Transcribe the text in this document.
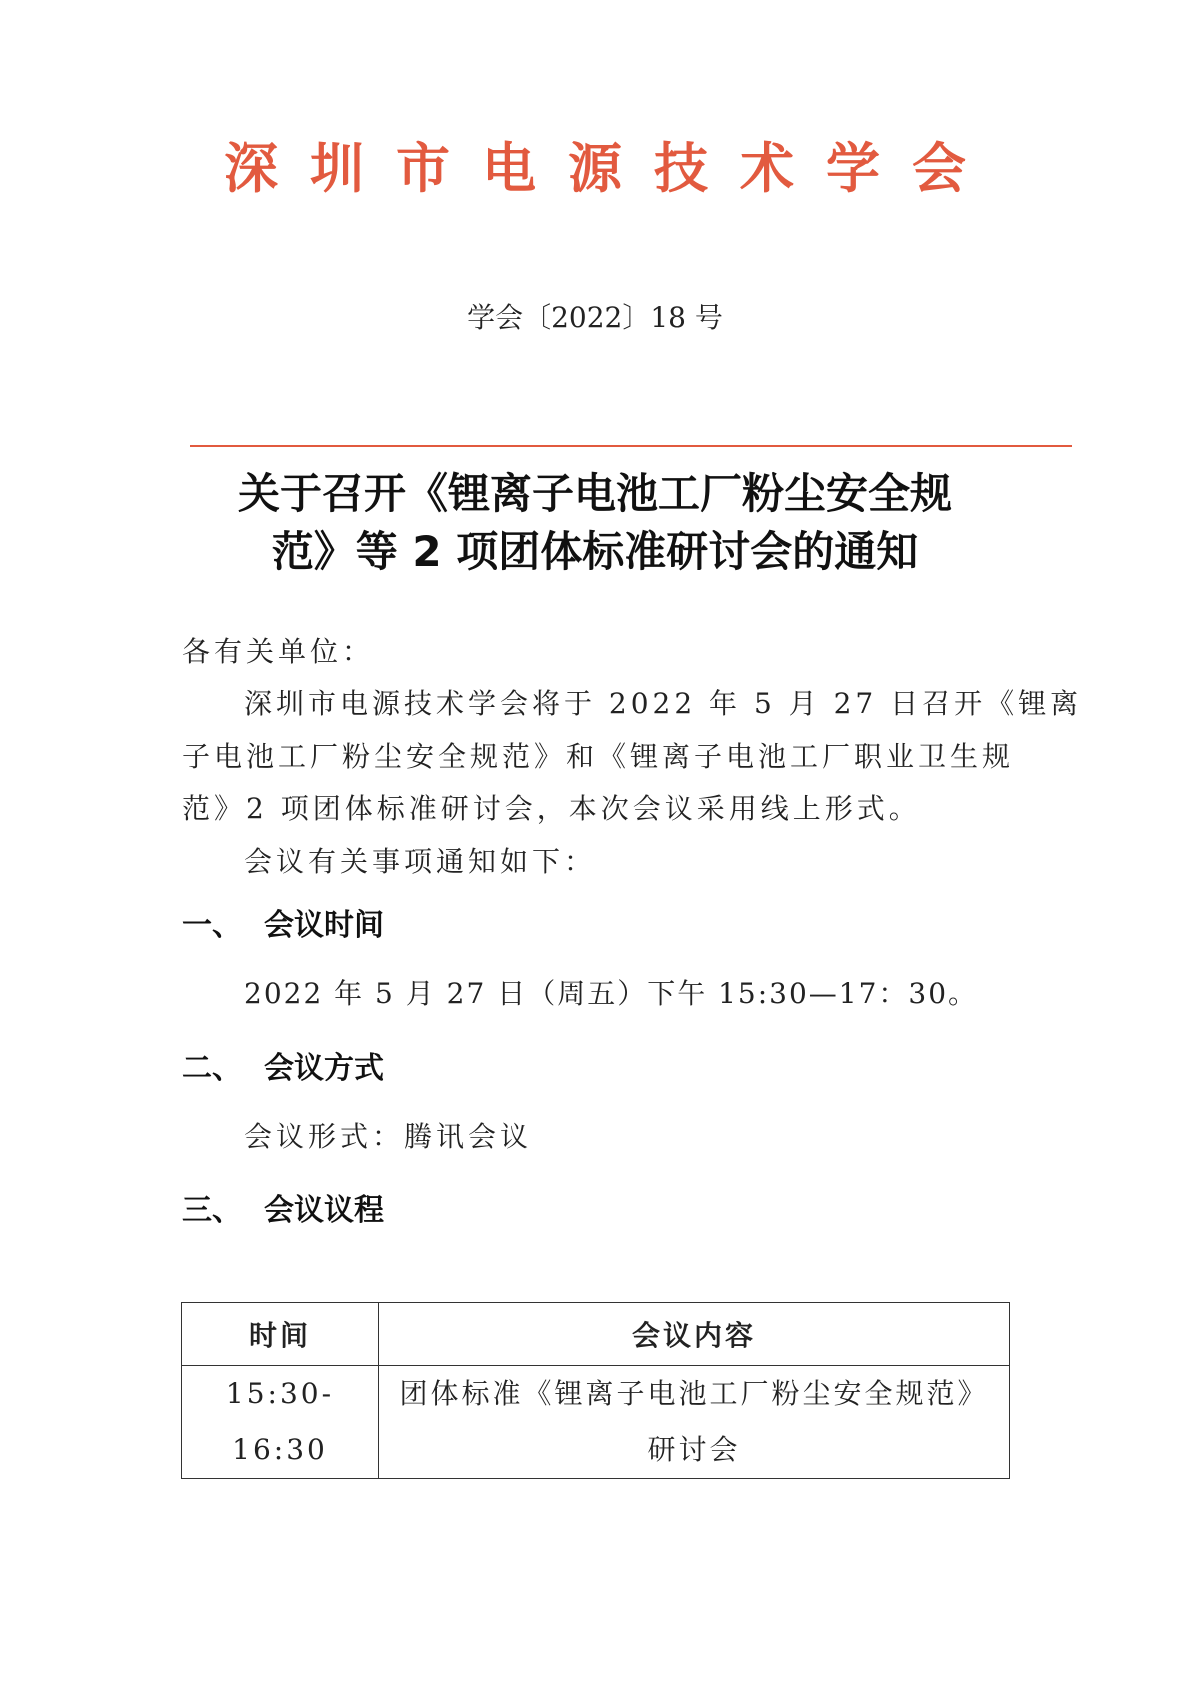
深圳市电源技术学会
学会〔2022〕18 号
关于召开《锂离子电池工厂粉尘安全规
范》等 2 项团体标准研讨会的通知
各有关单位：
深圳市电源技术学会将于 2022 年 5 月 27 日召开《锂离
子电池工厂粉尘安全规范》和《锂离子电池工厂职业卫生规
范》2 项团体标准研讨会，本次会议采用线上形式。
会议有关事项通知如下：
一、 会议时间
2022 年 5 月 27 日（周五）下午 15:30—17：30。
二、 会议方式
会议形式：腾讯会议
三、 会议议程
时间	会议内容
15:30-16:30	团体标准《锂离子电池工厂粉尘安全规范》
研讨会
